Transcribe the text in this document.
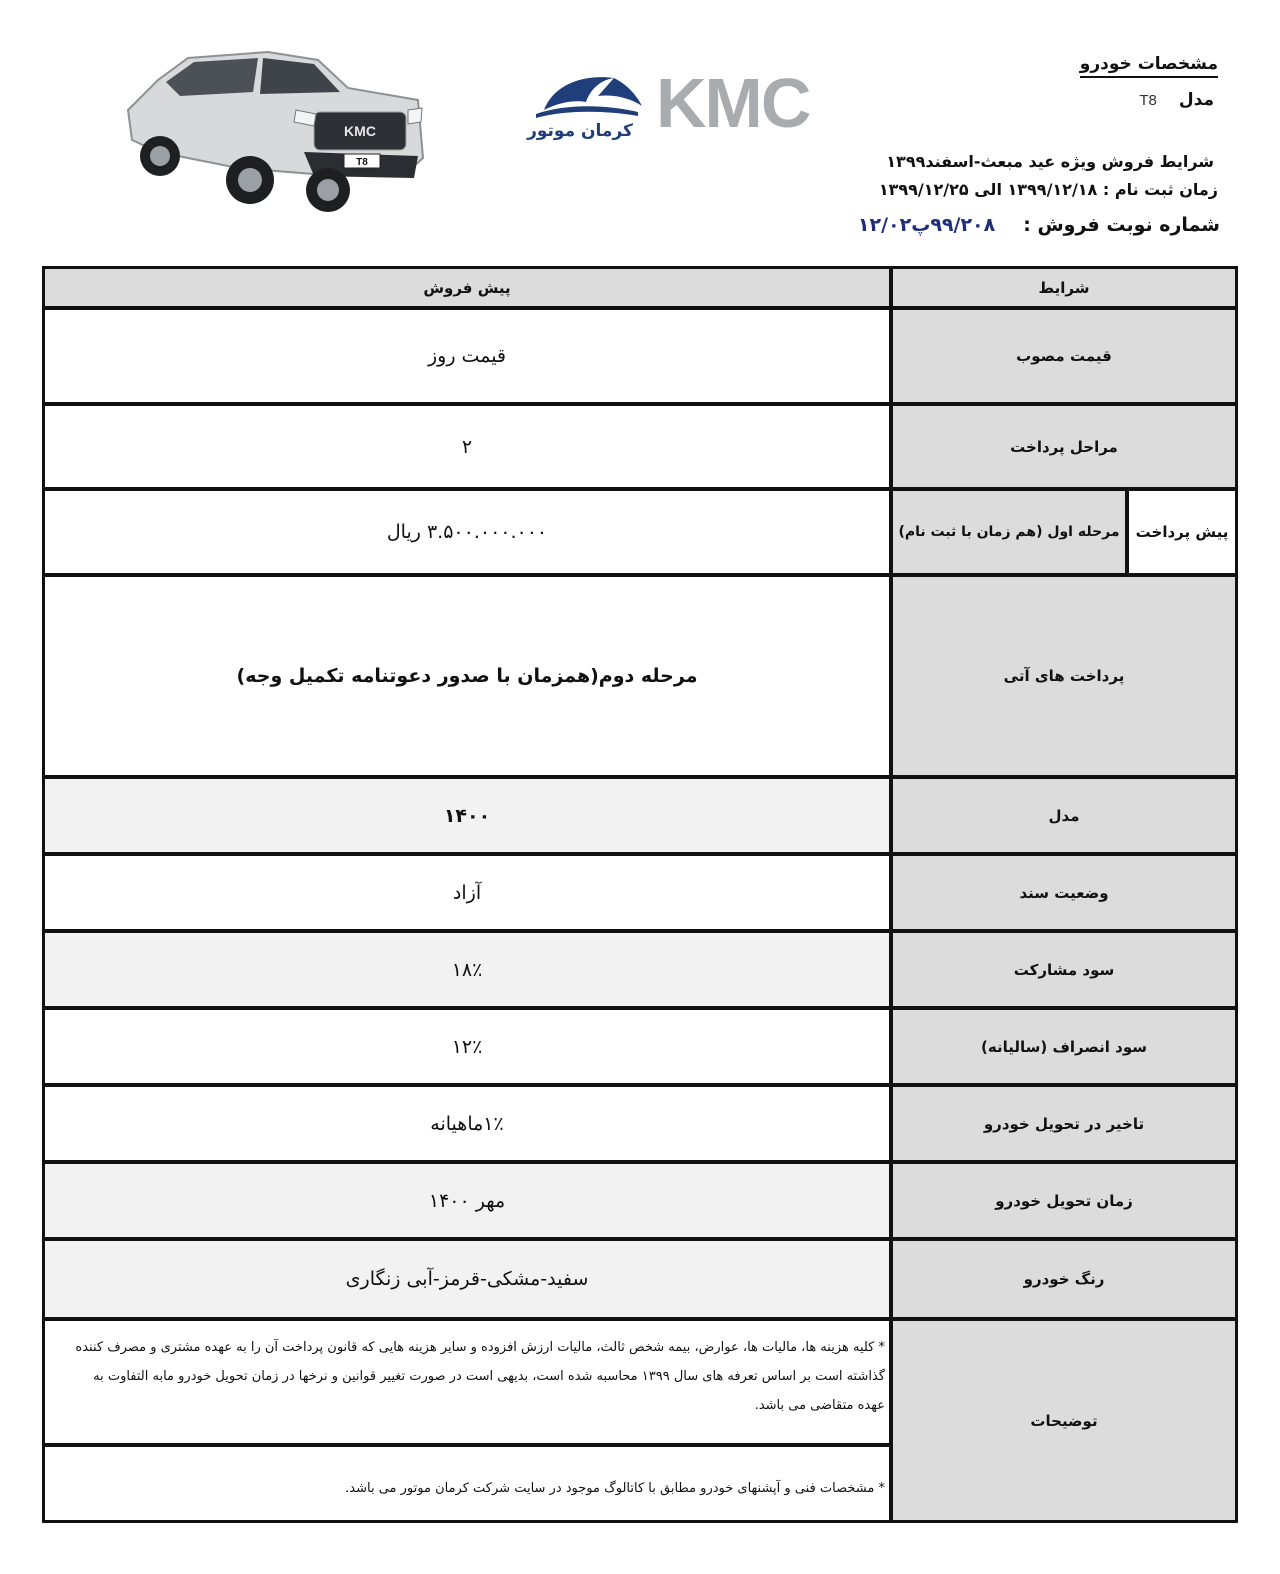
KMC
T8
کرمان موتور KMC	مشخصات خودرو
مدل
T8
شرایط فروش ویژه عید مبعث-اسفند۱۳۹۹
زمان ثبت نام : ۱۳۹۹/۱۲/۱۸ الی ۱۳۹۹/۱۲/۲۵
شماره نوبت فروش :
۹۹/۲۰۸پ۱۲/۰۲
شرایط
پیش فروش
قیمت مصوب
قیمت روز
مراحل پرداخت
۲
پیش پرداخت
مرحله اول (هم زمان با ثبت نام)
۳.۵۰۰.۰۰۰.۰۰۰ ریال
پرداخت های آتی
مرحله دوم(همزمان با صدور دعوتنامه تکمیل وجه)
مدل
۱۴۰۰
وضعیت سند
آزاد
سود مشارکت
۱۸٪
سود انصراف (سالیانه)
۱۲٪
تاخیر در تحویل خودرو
۱٪ماهیانه
زمان تحویل خودرو
مهر ۱۴۰۰
رنگ خودرو
سفید-مشکی-قرمز-آبی زنگاری
توضیحات
* کلیه هزینه ها، مالیات ها، عوارض، بیمه شخص ثالث، مالیات ارزش افزوده و سایر هزینه هایی که قانون پرداخت آن را به عهده مشتری و مصرف کننده گذاشته است بر اساس تعرفه های سال ۱۳۹۹ محاسبه شده است، بدیهی است در صورت تغییر قوانین و نرخها در زمان تحویل خودرو مابه التفاوت به عهده متقاضی می باشد.
* مشخصات فنی و آپشنهای خودرو مطابق با کاتالوگ موجود در سایت شرکت کرمان موتور می باشد.
